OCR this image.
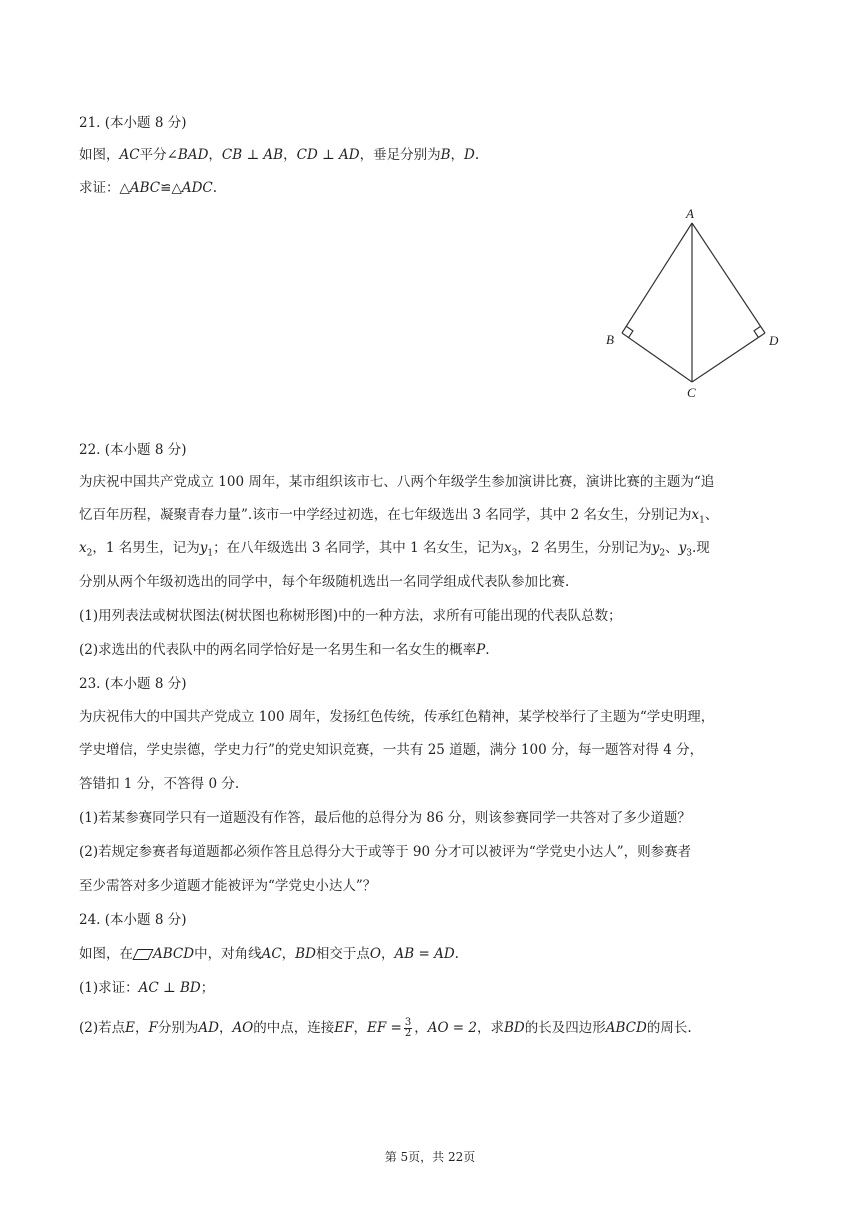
21. (本小题 8 分)
如图，AC平分∠BAD，CB ⊥ AB，CD ⊥ AD，垂足分别为B，D.
求证：△ABC≌△ADC.
A
B
C
D
22. (本小题 8 分)
为庆祝中国共产党成立 100 周年，某市组织该市七、八两个年级学生参加演讲比赛，演讲比赛的主题为“追
忆百年历程，凝聚青春力量”.该市一中学经过初选，在七年级选出 3 名同学，其中 2 名女生，分别记为$x_1$、
$x_2$，1 名男生，记为$y_1$；在八年级选出 3 名同学，其中 1 名女生，记为$x_3$，2 名男生，分别记为$y_2$、$y_3$.现
分别从两个年级初选出的同学中，每个年级随机选出一名同学组成代表队参加比赛.
(1)用列表法或树状图法(树状图也称树形图)中的一种方法，求所有可能出现的代表队总数；
(2)求选出的代表队中的两名同学恰好是一名男生和一名女生的概率P.
23. (本小题 8 分)
为庆祝伟大的中国共产党成立 100 周年，发扬红色传统，传承红色精神，某学校举行了主题为“学史明理，
学史增信，学史崇德，学史力行”的党史知识竞赛，一共有 25 道题，满分 100 分，每一题答对得 4 分，
答错扣 1 分，不答得 0 分.
(1)若某参赛同学只有一道题没有作答，最后他的总得分为 86 分，则该参赛同学一共答对了多少道题？
(2)若规定参赛者每道题都必须作答且总得分大于或等于 90 分才可以被评为“学党史小达人”，则参赛者
至少需答对多少道题才能被评为“学党史小达人”？
24. (本小题 8 分)
如图，在 ABCD中，对角线AC，BD相交于点O，AB = AD.
(1)求证：AC ⊥ BD；
(2)若点E，F分别为AD，AO的中点，连接EF，EF = $\frac{3}{2}$ ，AO = 2，求BD的长及四边形ABCD的周长.
第 5页，共 22页
